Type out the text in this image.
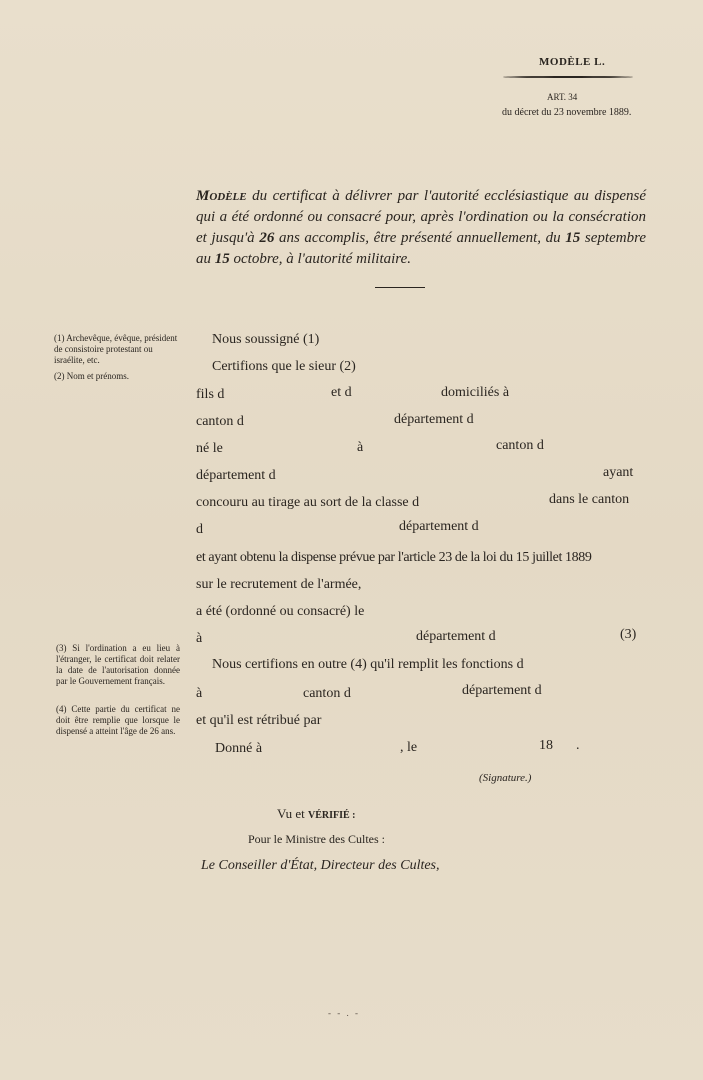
MODÈLE L.
ART. 34
du décret du 23 novembre 1889.
Modèle du certificat à délivrer par l'autorité ecclésiastique au dispensé qui a été ordonné ou consacré pour, après l'ordination ou la consécration et jusqu'à 26 ans accomplis, être présenté annuellement, du 15 septembre au 15 octobre, à l'autorité militaire.
(1) Archevêque, évêque, président de consistoire protestant ou israélite, etc.
(2) Nom et prénoms.
(3) Si l'ordination a eu lieu à l'étranger, le certificat doit relater la date de l'autorisation donnée par le Gouvernement français.
(4) Cette partie du certificat ne doit être remplie que lorsque le dispensé a atteint l'âge de 26 ans.
Nous soussigné (1)
Certifions que le sieur (2)
fils d	et d	domiciliés à
canton d	département d
né le	à	canton d
département d	ayant
concouru au tirage au sort de la classe d	dans le canton
d	département d
et ayant obtenu la dispense prévue par l'article 23 de la loi du 15 juillet 1889
sur le recrutement de l'armée,
a été (ordonné ou consacré) le
à	département d	(3)
Nous certifions en outre (4) qu'il remplit les fonctions d
à	canton d	département d
et qu'il est rétribué par
Donné à	, le	18 .
(Signature.)
Vu et VÉRIFIÉ :
Pour le Ministre des Cultes :
Le Conseiller d'État, Directeur des Cultes,
- - . -
